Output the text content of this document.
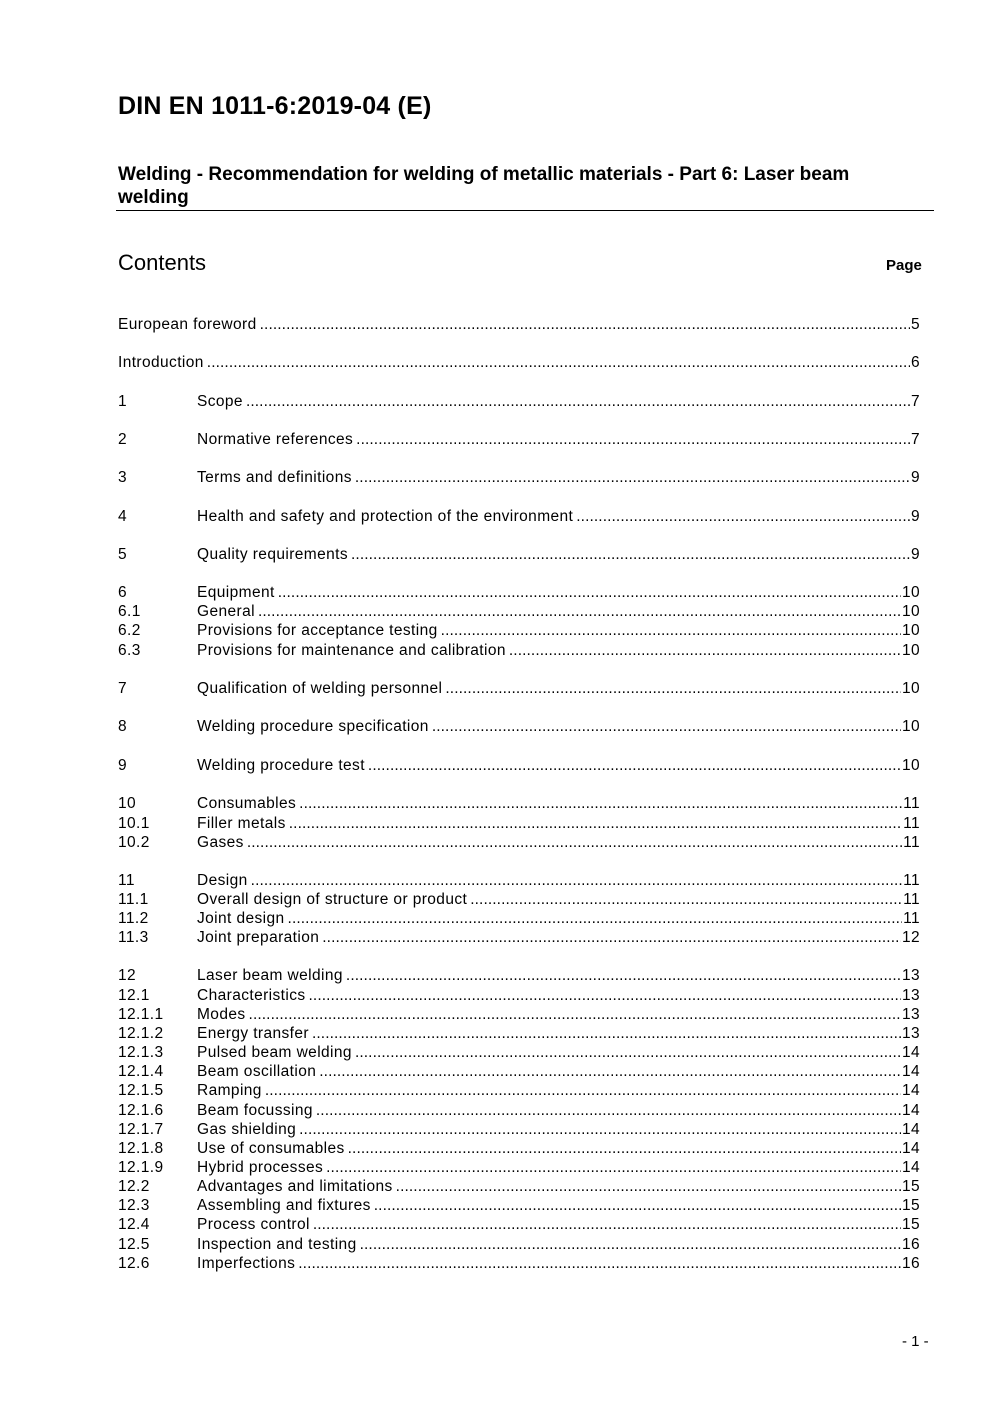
DIN EN 1011-6:2019-04 (E)
Welding - Recommendation for welding of metallic materials - Part 6: Laser beam welding
Contents	Page
European foreword .....	5
Introduction .....	6
1	Scope .....	7
2	Normative references .....	7
3	Terms and definitions .....	9
4	Health and safety and protection of the environment .....	9
5	Quality requirements .....	9
6	Equipment .....	10
6.1	General .....	10
6.2	Provisions for acceptance testing .....	10
6.3	Provisions for maintenance and calibration .....	10
7	Qualification of welding personnel .....	10
8	Welding procedure specification .....	10
9	Welding procedure test .....	10
10	Consumables .....	11
10.1	Filler metals .....	11
10.2	Gases .....	11
11	Design .....	11
11.1	Overall design of structure or product .....	11
11.2	Joint design .....	11
11.3	Joint preparation .....	12
12	Laser beam welding .....	13
12.1	Characteristics .....	13
12.1.1	Modes .....	13
12.1.2	Energy transfer .....	13
12.1.3	Pulsed beam welding .....	14
12.1.4	Beam oscillation .....	14
12.1.5	Ramping .....	14
12.1.6	Beam focussing .....	14
12.1.7	Gas shielding .....	14
12.1.8	Use of consumables .....	14
12.1.9	Hybrid processes .....	14
12.2	Advantages and limitations .....	15
12.3	Assembling and fixtures .....	15
12.4	Process control .....	15
12.5	Inspection and testing .....	16
12.6	Imperfections .....	16
- 1 -
